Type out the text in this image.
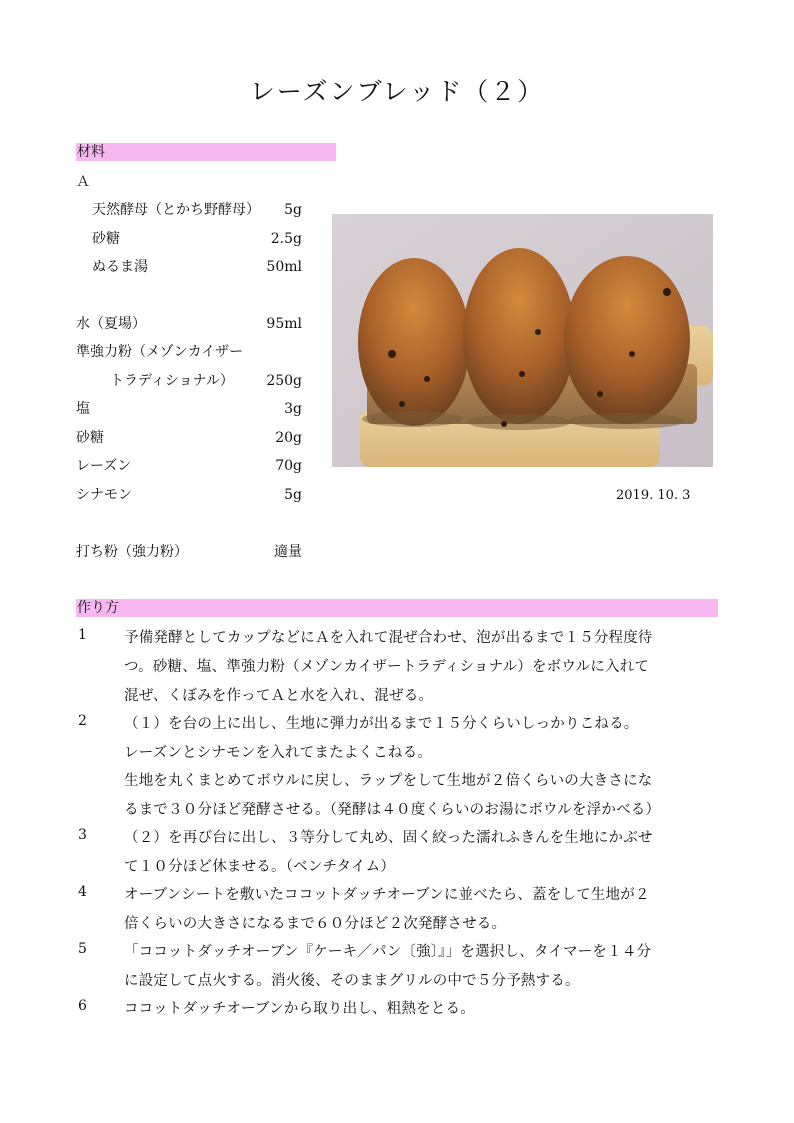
レーズンブレッド（２）
材料
Ａ
天然酵母（とかち野酵母） 5g
砂糖	2.5g
ぬるま湯	50ml
水（夏場）	95ml
準強力粉（メゾンカイザー
トラディショナル） 250g
塩	3g
砂糖	20g
レーズン	70g
シナモン	5g
打ち粉（強力粉）	適量
2019. 10. 3
作り方
1	予備発酵としてカップなどにＡを入れて混ぜ合わせ、泡が出るまで１５分程度待
つ。砂糖、塩、準強力粉（メゾンカイザートラディショナル）をボウルに入れて
混ぜ、くぼみを作ってＡと水を入れ、混ぜる。
2	（１）を台の上に出し、生地に弾力が出るまで１５分くらいしっかりこねる。
レーズンとシナモンを入れてまたよくこねる。
生地を丸くまとめてボウルに戻し、ラップをして生地が２倍くらいの大きさにな
るまで３０分ほど発酵させる。（発酵は４０度くらいのお湯にボウルを浮かべる）
3	（２）を再び台に出し、３等分して丸め、固く絞った濡れふきんを生地にかぶせ
て１０分ほど休ませる。（ベンチタイム）
4	オーブンシートを敷いたココットダッチオーブンに並べたら、蓋をして生地が２
倍くらいの大きさになるまで６０分ほど２次発酵させる。
5	「ココットダッチオーブン『ケーキ／パン〔強〕』」を選択し、タイマーを１４分
に設定して点火する。消火後、そのままグリルの中で５分予熱する。
6	ココットダッチオーブンから取り出し、粗熱をとる。
